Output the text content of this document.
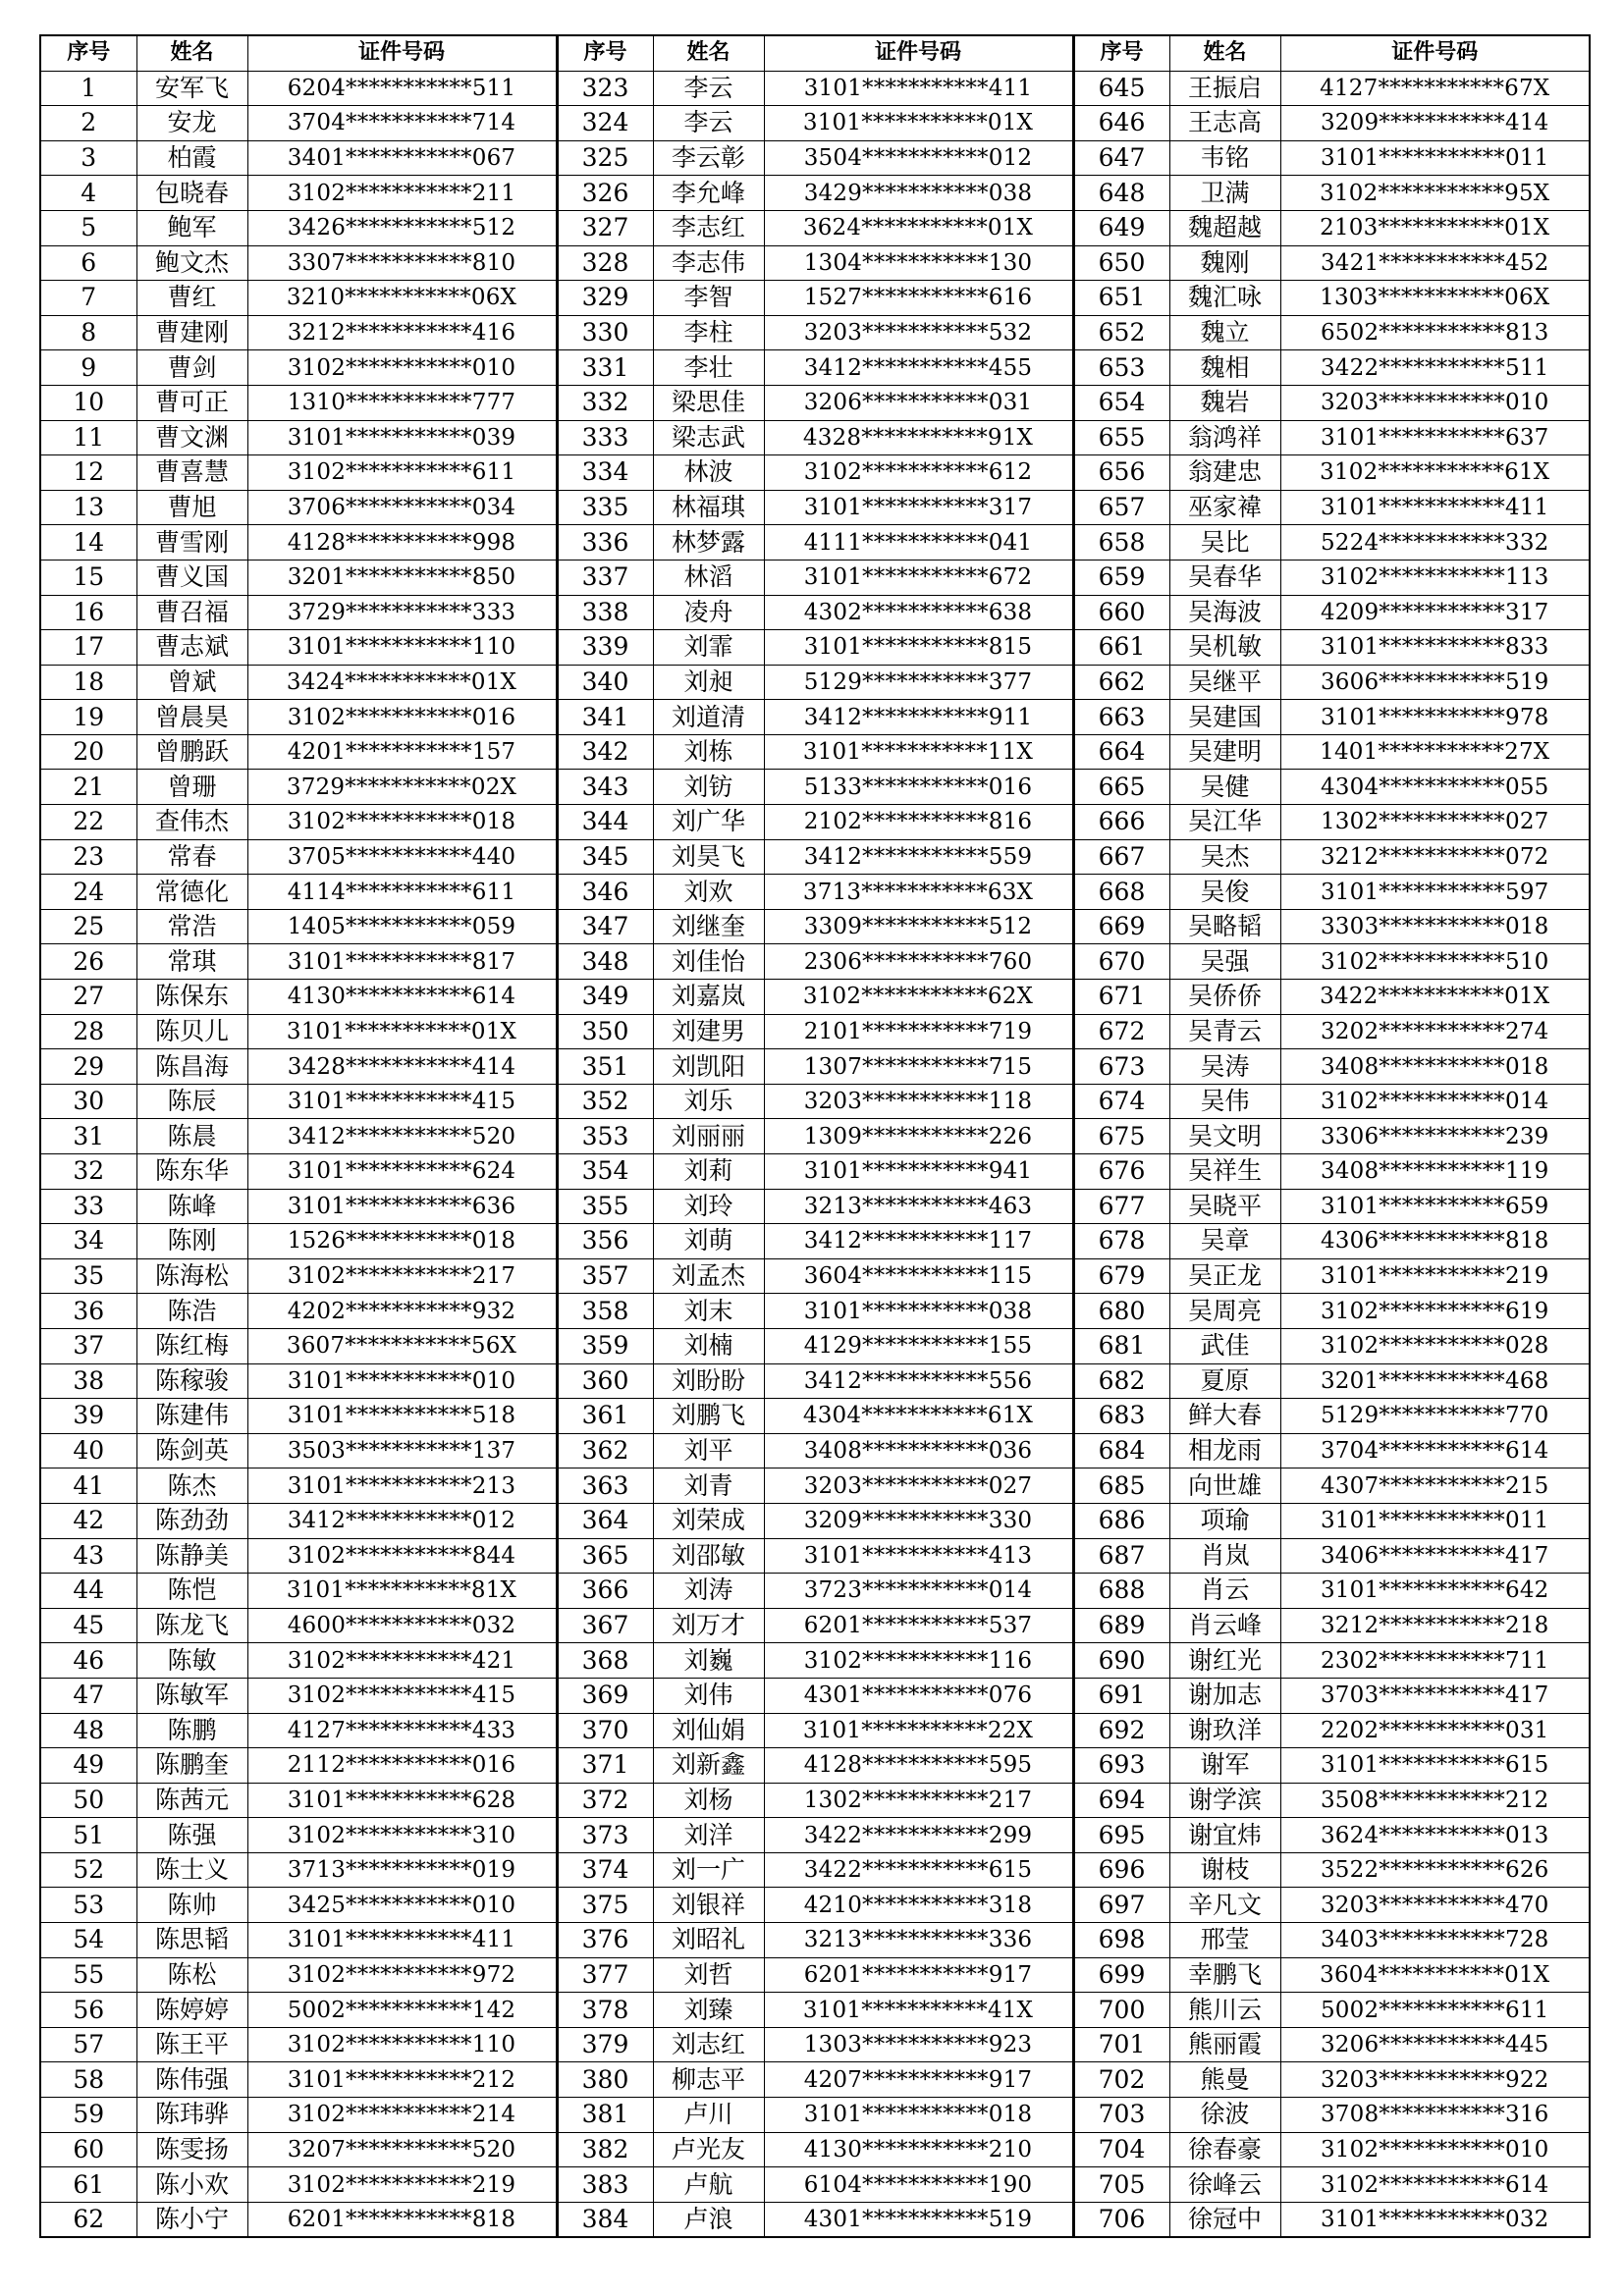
序号	姓名	证件号码	序号	姓名	证件号码	序号	姓名	证件号码
1	安军飞	6204***********511	323	李云	3101***********411	645	王振启	4127***********67X
2	安龙	3704***********714	324	李云	3101***********01X	646	王志高	3209***********414
3	柏霞	3401***********067	325	李云彰	3504***********012	647	韦铭	3101***********011
4	包晓春	3102***********211	326	李允峰	3429***********038	648	卫满	3102***********95X
5	鲍军	3426***********512	327	李志红	3624***********01X	649	魏超越	2103***********01X
6	鲍文杰	3307***********810	328	李志伟	1304***********130	650	魏刚	3421***********452
7	曹红	3210***********06X	329	李智	1527***********616	651	魏汇咏	1303***********06X
8	曹建刚	3212***********416	330	李柱	3203***********532	652	魏立	6502***********813
9	曹剑	3102***********010	331	李壮	3412***********455	653	魏相	3422***********511
10	曹可正	1310***********777	332	梁思佳	3206***********031	654	魏岩	3203***********010
11	曹文渊	3101***********039	333	梁志武	4328***********91X	655	翁鸿祥	3101***********637
12	曹喜慧	3102***********611	334	林波	3102***********612	656	翁建忠	3102***********61X
13	曹旭	3706***********034	335	林福琪	3101***********317	657	巫家褘	3101***********411
14	曹雪刚	4128***********998	336	林梦露	4111***********041	658	吴比	5224***********332
15	曹义国	3201***********850	337	林滔	3101***********672	659	吴春华	3102***********113
16	曹召福	3729***********333	338	凌舟	4302***********638	660	吴海波	4209***********317
17	曹志斌	3101***********110	339	刘霏	3101***********815	661	吴机敏	3101***********833
18	曾斌	3424***********01X	340	刘昶	5129***********377	662	吴继平	3606***********519
19	曾晨昊	3102***********016	341	刘道清	3412***********911	663	吴建国	3101***********978
20	曾鹏跃	4201***********157	342	刘栋	3101***********11X	664	吴建明	1401***********27X
21	曾珊	3729***********02X	343	刘钫	5133***********016	665	吴健	4304***********055
22	查伟杰	3102***********018	344	刘广华	2102***********816	666	吴江华	1302***********027
23	常春	3705***********440	345	刘昊飞	3412***********559	667	吴杰	3212***********072
24	常德化	4114***********611	346	刘欢	3713***********63X	668	吴俊	3101***********597
25	常浩	1405***********059	347	刘继奎	3309***********512	669	吴略韬	3303***********018
26	常琪	3101***********817	348	刘佳怡	2306***********760	670	吴强	3102***********510
27	陈保东	4130***********614	349	刘嘉岚	3102***********62X	671	吴侨侨	3422***********01X
28	陈贝儿	3101***********01X	350	刘建男	2101***********719	672	吴青云	3202***********274
29	陈昌海	3428***********414	351	刘凯阳	1307***********715	673	吴涛	3408***********018
30	陈辰	3101***********415	352	刘乐	3203***********118	674	吴伟	3102***********014
31	陈晨	3412***********520	353	刘丽丽	1309***********226	675	吴文明	3306***********239
32	陈东华	3101***********624	354	刘莉	3101***********941	676	吴祥生	3408***********119
33	陈峰	3101***********636	355	刘玲	3213***********463	677	吴晓平	3101***********659
34	陈刚	1526***********018	356	刘萌	3412***********117	678	吴章	4306***********818
35	陈海松	3102***********217	357	刘孟杰	3604***********115	679	吴正龙	3101***********219
36	陈浩	4202***********932	358	刘末	3101***********038	680	吴周亮	3102***********619
37	陈红梅	3607***********56X	359	刘楠	4129***********155	681	武佳	3102***********028
38	陈稼骏	3101***********010	360	刘盼盼	3412***********556	682	夏原	3201***********468
39	陈建伟	3101***********518	361	刘鹏飞	4304***********61X	683	鲜大春	5129***********770
40	陈剑英	3503***********137	362	刘平	3408***********036	684	相龙雨	3704***********614
41	陈杰	3101***********213	363	刘青	3203***********027	685	向世雄	4307***********215
42	陈劲劲	3412***********012	364	刘荣成	3209***********330	686	项瑜	3101***********011
43	陈静美	3102***********844	365	刘邵敏	3101***********413	687	肖岚	3406***********417
44	陈恺	3101***********81X	366	刘涛	3723***********014	688	肖云	3101***********642
45	陈龙飞	4600***********032	367	刘万才	6201***********537	689	肖云峰	3212***********218
46	陈敏	3102***********421	368	刘巍	3102***********116	690	谢红光	2302***********711
47	陈敏军	3102***********415	369	刘伟	4301***********076	691	谢加志	3703***********417
48	陈鹏	4127***********433	370	刘仙娟	3101***********22X	692	谢玖洋	2202***********031
49	陈鹏奎	2112***********016	371	刘新鑫	4128***********595	693	谢军	3101***********615
50	陈茜元	3101***********628	372	刘杨	1302***********217	694	谢学滨	3508***********212
51	陈强	3102***********310	373	刘洋	3422***********299	695	谢宜炜	3624***********013
52	陈士义	3713***********019	374	刘一广	3422***********615	696	谢枝	3522***********626
53	陈帅	3425***********010	375	刘银祥	4210***********318	697	辛凡文	3203***********470
54	陈思韬	3101***********411	376	刘昭礼	3213***********336	698	邢莹	3403***********728
55	陈松	3102***********972	377	刘哲	6201***********917	699	幸鹏飞	3604***********01X
56	陈婷婷	5002***********142	378	刘臻	3101***********41X	700	熊川云	5002***********611
57	陈王平	3102***********110	379	刘志红	1303***********923	701	熊丽霞	3206***********445
58	陈伟强	3101***********212	380	柳志平	4207***********917	702	熊曼	3203***********922
59	陈玮骅	3102***********214	381	卢川	3101***********018	703	徐波	3708***********316
60	陈雯扬	3207***********520	382	卢光友	4130***********210	704	徐春豪	3102***********010
61	陈小欢	3102***********219	383	卢航	6104***********190	705	徐峰云	3102***********614
62	陈小宁	6201***********818	384	卢浪	4301***********519	706	徐冠中	3101***********032
